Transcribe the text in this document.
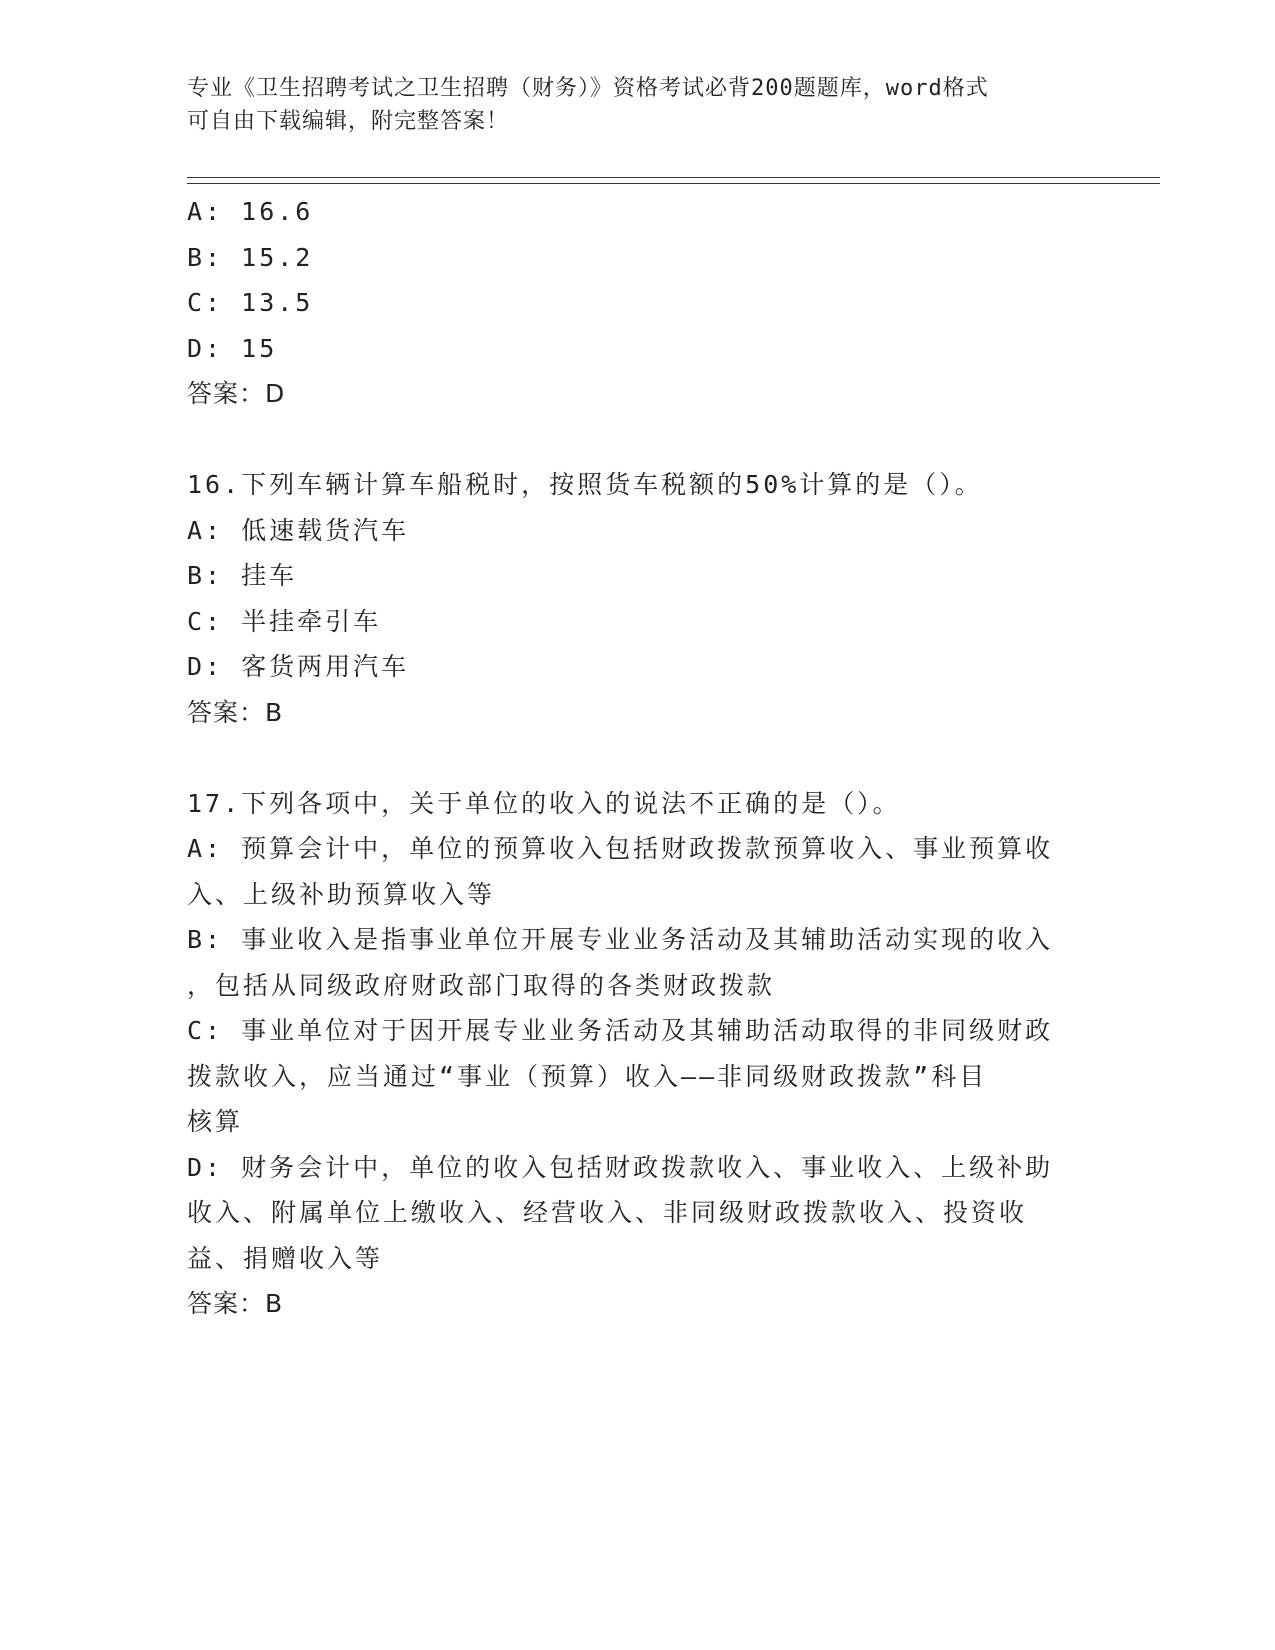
专业《卫生招聘考试之卫生招聘（财务）》资格考试必背200题题库，word格式
可自由下载编辑，附完整答案！
A: 16.6
B: 15.2
C: 13.5
D: 15
答案：D
16.下列车辆计算车船税时，按照货车税额的50%计算的是（）。
A: 低速载货汽车
B: 挂车
C: 半挂牵引车
D: 客货两用汽车
答案：B
17.下列各项中，关于单位的收入的说法不正确的是（）。
A: 预算会计中，单位的预算收入包括财政拨款预算收入、事业预算收
入、上级补助预算收入等
B: 事业收入是指事业单位开展专业业务活动及其辅助活动实现的收入
，包括从同级政府财政部门取得的各类财政拨款
C: 事业单位对于因开展专业业务活动及其辅助活动取得的非同级财政
拨款收入，应当通过“事业（预算）收入——非同级财政拨款”科目
核算
D: 财务会计中，单位的收入包括财政拨款收入、事业收入、上级补助
收入、附属单位上缴收入、经营收入、非同级财政拨款收入、投资收
益、捐赠收入等
答案：B
